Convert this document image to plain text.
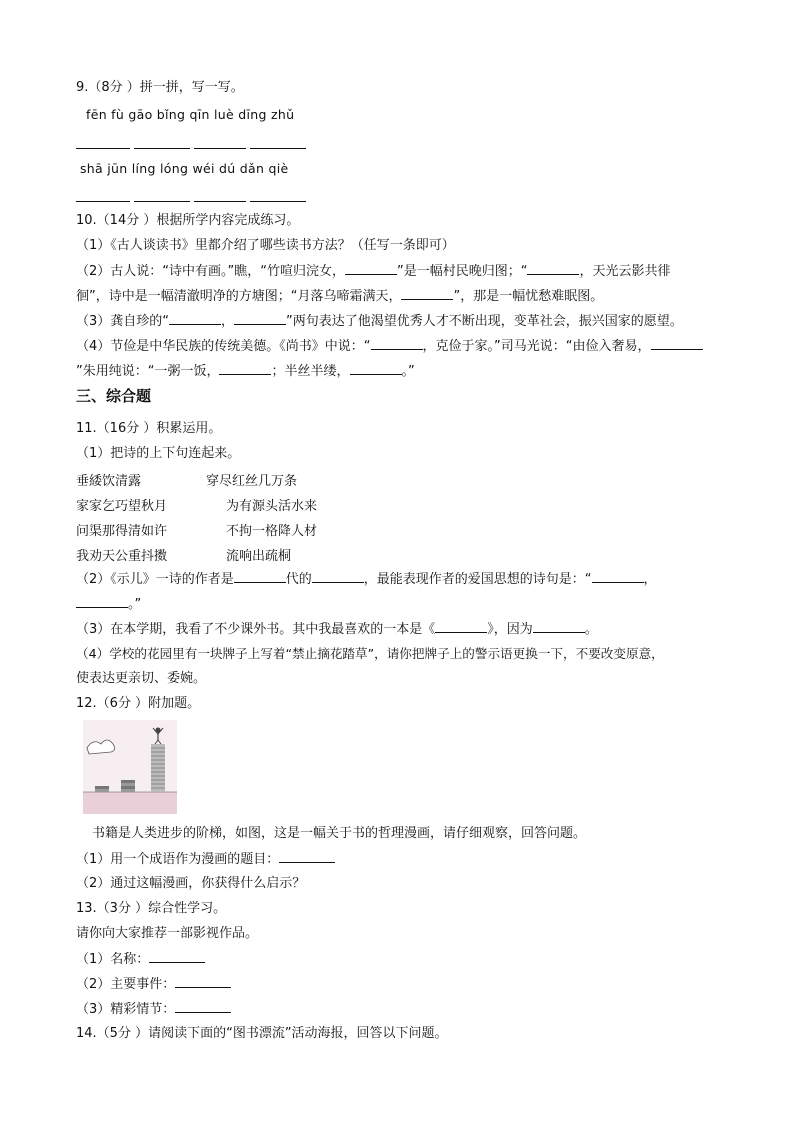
9.（8分 ）拼一拼，写一写。
fēn fù gāo bǐng qīn luè dīng zhǔ
shā jūn líng lóng wéi dú dǎn qiè
10.（14分 ）根据所学内容完成练习。
（1）《古人谈读书》里都介绍了哪些读书方法？（任写一条即可）
（2）古人说：“诗中有画。”瞧，“竹喧归浣女，	”是一幅村民晚归图；“	，天光云影共徘
徊”，诗中是一幅清澈明净的方塘图；“月落乌啼霜满天，	”，那是一幅忧愁难眠图。
（3）龚自珍的“	，	”两句表达了他渴望优秀人才不断出现，变革社会，振兴国家的愿望。
（4）节俭是中华民族的传统美德。《尚书》中说：“	，克俭于家。”司马光说：“由俭入奢易，
”朱用纯说：“一粥一饭，	；半丝半缕，	。”
三、综合题
11.（16分 ）积累运用。
（1）把诗的上下句连起来。
垂緌饮清露	穿尽红丝几万条
家家乞巧望秋月	为有源头活水来
问渠那得清如许	不拘一格降人材
我劝天公重抖擞	流响出疏桐
（2）《示儿》一诗的作者是	代的	，最能表现作者的爱国思想的诗句是：“	，
。”
（3）在本学期，我看了不少课外书。其中我最喜欢的一本是《	》，因为	。
（4）学校的花园里有一块牌子上写着“禁止摘花踏草”，请你把牌子上的警示语更换一下，不要改变原意，
使表达更亲切、委婉。
12.（6分 ）附加题。
书籍是人类进步的阶梯，如图，这是一幅关于书的哲理漫画，请仔细观察，回答问题。
（1）用一个成语作为漫画的题目：
（2）通过这幅漫画，你获得什么启示？
13.（3分 ）综合性学习。
请你向大家推荐一部影视作品。
（1）名称：
（2）主要事件：
（3）精彩情节：
14.（5分 ）请阅读下面的“图书漂流”活动海报，回答以下问题。
